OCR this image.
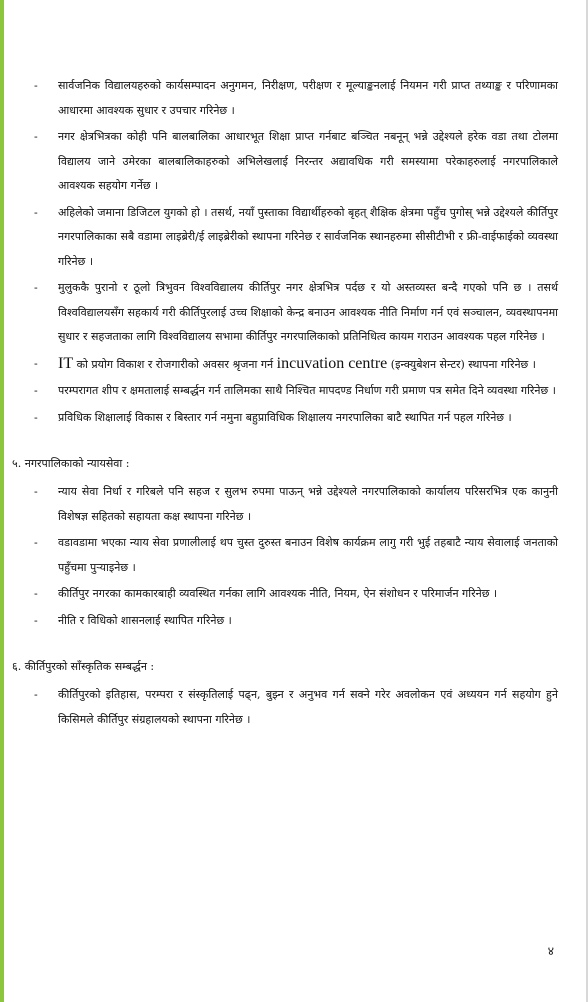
- सार्वजनिक विद्यालयहरुको कार्यसम्पादन अनुगमन, निरीक्षण, परीक्षण र मूल्याङ्कनलाई नियमन गरी प्राप्त तथ्याङ्क र परिणामका आधारमा आवश्यक सुधार र उपचार गरिनेछ ।
- नगर क्षेत्रभित्रका कोही पनि बालबालिका आधारभूत शिक्षा प्राप्त गर्नबाट बञ्चित नबनून् भन्ने उद्देश्यले हरेक वडा तथा टोलमा विद्यालय जाने उमेरका बालबालिकाहरुको अभिलेखलाई निरन्तर अद्यावधिक गरी समस्यामा परेकाहरुलाई नगरपालिकाले आवश्यक सहयोग गर्नेछ ।
- अहिलेको जमाना डिजिटल युगको हो । तसर्थ, नयाँ पुस्ताका विद्यार्थीहरुको बृहत् शैक्षिक क्षेत्रमा पहुँच पुगोस् भन्ने उद्देश्यले कीर्तिपुर नगरपालिकाका सबै वडामा लाइब्रेरी/ई लाइब्रेरीको स्थापना गरिनेछ र सार्वजनिक स्थानहरुमा सीसीटीभी र फ्री-वाईफाईको व्यवस्था गरिनेछ ।
- मुलुककै पुरानो र ठूलो त्रिभुवन विश्वविद्यालय कीर्तिपुर नगर क्षेत्रभित्र पर्दछ र यो अस्तव्यस्त बन्दै गएको पनि छ । तसर्थ विश्वविद्यालयसँग सहकार्य गरी कीर्तिपुरलाई उच्च शिक्षाको केन्द्र बनाउन आवश्यक नीति निर्माण गर्न एवं सञ्चालन, व्यवस्थापनमा सुधार र सहजताका लागि विश्वविद्यालय सभामा कीर्तिपुर नगरपालिकाको प्रतिनिधित्व कायम गराउन आवश्यक पहल गरिनेछ ।
- IT को प्रयोग विकाश र रोजगारीको अवसर श्रृजना गर्न incuvation centre (इन्क्युबेशन सेन्टर) स्थापना गरिनेछ ।
- परम्परागत शीप र क्षमतालाई सम्बर्द्धन गर्न तालिमका साथै निश्चित मापदण्ड निर्धाण गरी प्रमाण पत्र समेत दिने व्यवस्था गरिनेछ ।
- प्रविधिक शिक्षालाई विकास र बिस्तार गर्न नमुना बहुप्राविधिक शिक्षालय नगरपालिका बाटै स्थापित गर्न पहल गरिनेछ ।
५. नगरपालिकाको न्यायसेवा :
- न्याय सेवा निर्धा र गरिबले पनि सहज र सुलभ रुपमा पाऊन् भन्ने उद्देश्यले नगरपालिकाको कार्यालय परिसरभित्र एक कानुनी विशेषज्ञ सहितको सहायता कक्ष स्थापना गरिनेछ ।
- वडावडामा भएका न्याय सेवा प्रणालीलाई थप चुस्त दुरुस्त बनाउन विशेष कार्यक्रम लागु गरी भुई तहबाटै न्याय सेवालाई जनताको पहुँचमा पुऱ्याइनेछ ।
- कीर्तिपुर नगरका कामकारबाही व्यवस्थित गर्नका लागि आवश्यक नीति, नियम, ऐन संशोधन र परिमार्जन गरिनेछ ।
- नीति र विधिको शासनलाई स्थापित गरिनेछ ।
६. कीर्तिपुरको साँस्कृतिक सम्बर्द्धन :
- कीर्तिपुरको इतिहास, परम्परा र संस्कृतिलाई पढ्न, बुझ्न र अनुभव गर्न सक्ने गरेर अवलोकन एवं अध्ययन गर्न सहयोग हुने किसिमले कीर्तिपुर संग्रहालयको स्थापना गरिनेछ ।
४
